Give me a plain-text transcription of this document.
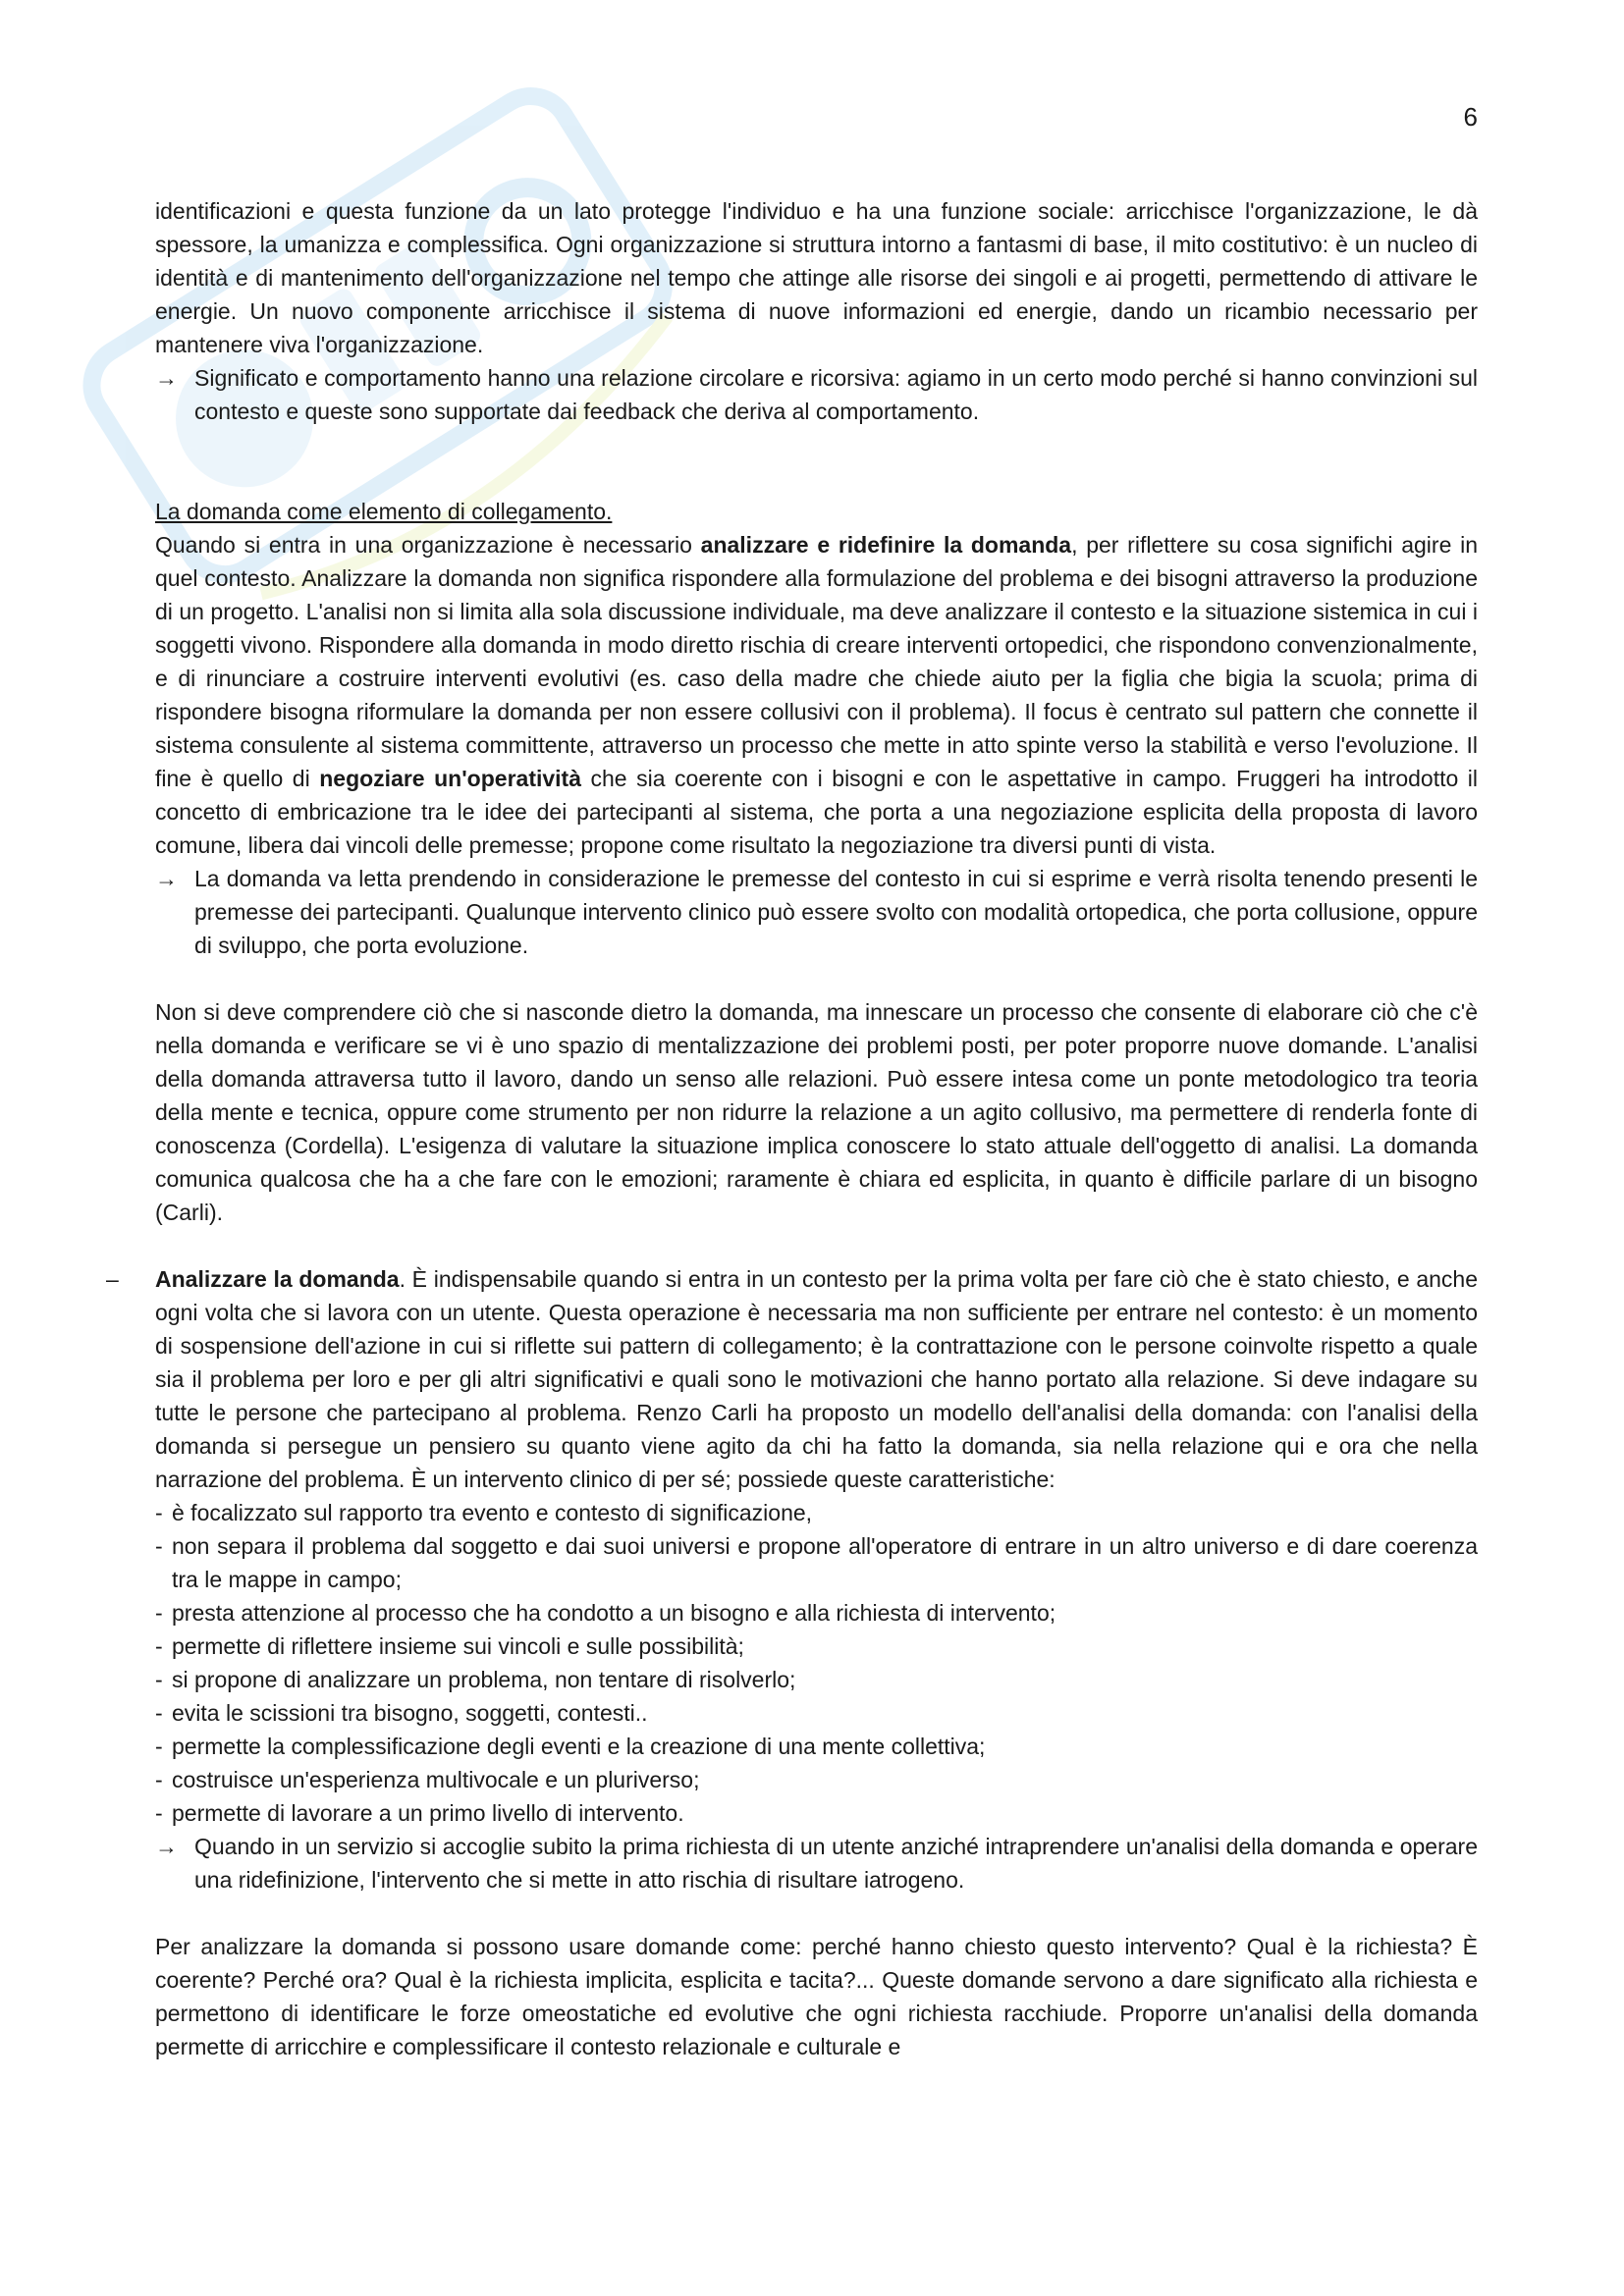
6

identificazioni e questa funzione da un lato protegge l'individuo e ha una funzione sociale: arricchisce l'organizzazione, le dà spessore, la umanizza e complessifica. Ogni organizzazione si struttura intorno a fantasmi di base, il mito costitutivo: è un nucleo di identità e di mantenimento dell'organizzazione nel tempo che attinge alle risorse dei singoli e ai progetti, permettendo di attivare le energie. Un nuovo componente arricchisce il sistema di nuove informazioni ed energie, dando un ricambio necessario per mantenere viva l'organizzazione.

→ Significato e comportamento hanno una relazione circolare e ricorsiva: agiamo in un certo modo perché si hanno convinzioni sul contesto e queste sono supportate dai feedback che deriva al comportamento.

La domanda come elemento di collegamento.

Quando si entra in una organizzazione è necessario analizzare e ridefinire la domanda, per riflettere su cosa significhi agire in quel contesto. Analizzare la domanda non significa rispondere alla formulazione del problema e dei bisogni attraverso la produzione di un progetto. L'analisi non si limita alla sola discussione individuale, ma deve analizzare il contesto e la situazione sistemica in cui i soggetti vivono. Rispondere alla domanda in modo diretto rischia di creare interventi ortopedici, che rispondono convenzionalmente, e di rinunciare a costruire interventi evolutivi (es. caso della madre che chiede aiuto per la figlia che bigia la scuola; prima di rispondere bisogna riformulare la domanda per non essere collusivi con il problema). Il focus è centrato sul pattern che connette il sistema consulente al sistema committente, attraverso un processo che mette in atto spinte verso la stabilità e verso l'evoluzione. Il fine è quello di negoziare un'operatività che sia coerente con i bisogni e con le aspettative in campo. Fruggeri ha introdotto il concetto di embricazione tra le idee dei partecipanti al sistema, che porta a una negoziazione esplicita della proposta di lavoro comune, libera dai vincoli delle premesse; propone come risultato la negoziazione tra diversi punti di vista.

→ La domanda va letta prendendo in considerazione le premesse del contesto in cui si esprime e verrà risolta tenendo presenti le premesse dei partecipanti. Qualunque intervento clinico può essere svolto con modalità ortopedica, che porta collusione, oppure di sviluppo, che porta evoluzione.

Non si deve comprendere ciò che si nasconde dietro la domanda, ma innescare un processo che consente di elaborare ciò che c'è nella domanda e verificare se vi è uno spazio di mentalizzazione dei problemi posti, per poter proporre nuove domande. L'analisi della domanda attraversa tutto il lavoro, dando un senso alle relazioni. Può essere intesa come un ponte metodologico tra teoria della mente e tecnica, oppure come strumento per non ridurre la relazione a un agito collusivo, ma permettere di renderla fonte di conoscenza (Cordella). L'esigenza di valutare la situazione implica conoscere lo stato attuale dell'oggetto di analisi. La domanda comunica qualcosa che ha a che fare con le emozioni; raramente è chiara ed esplicita, in quanto è difficile parlare di un bisogno (Carli).

– Analizzare la domanda. È indispensabile quando si entra in un contesto per la prima volta per fare ciò che è stato chiesto, e anche ogni volta che si lavora con un utente. Questa operazione è necessaria ma non sufficiente per entrare nel contesto: è un momento di sospensione dell'azione in cui si riflette sui pattern di collegamento; è la contrattazione con le persone coinvolte rispetto a quale sia il problema per loro e per gli altri significativi e quali sono le motivazioni che hanno portato alla relazione. Si deve indagare su tutte le persone che partecipano al problema. Renzo Carli ha proposto un modello dell'analisi della domanda: con l'analisi della domanda si persegue un pensiero su quanto viene agito da chi ha fatto la domanda, sia nella relazione qui e ora che nella narrazione del problema. È un intervento clinico di per sé; possiede queste caratteristiche:

- è focalizzato sul rapporto tra evento e contesto di significazione,
- non separa il problema dal soggetto e dai suoi universi e propone all'operatore di entrare in un altro universo e di dare coerenza tra le mappe in campo;
- presta attenzione al processo che ha condotto a un bisogno e alla richiesta di intervento;
- permette di riflettere insieme sui vincoli e sulle possibilità;
- si propone di analizzare un problema, non tentare di risolverlo;
- evita le scissioni tra bisogno, soggetti, contesti..
- permette la complessificazione degli eventi e la creazione di una mente collettiva;
- costruisce un'esperienza multivocale e un pluriverso;
- permette di lavorare a un primo livello di intervento.
→ Quando in un servizio si accoglie subito la prima richiesta di un utente anziché intraprendere un'analisi della domanda e operare una ridefinizione, l'intervento che si mette in atto rischia di risultare iatrogeno.

Per analizzare la domanda si possono usare domande come: perché hanno chiesto questo intervento? Qual è la richiesta? È coerente? Perché ora? Qual è la richiesta implicita, esplicita e tacita?... Queste domande servono a dare significato alla richiesta e permettono di identificare le forze omeostatiche ed evolutive che ogni richiesta racchiude. Proporre un'analisi della domanda permette di arricchire e complessificare il contesto relazionale e culturale e
